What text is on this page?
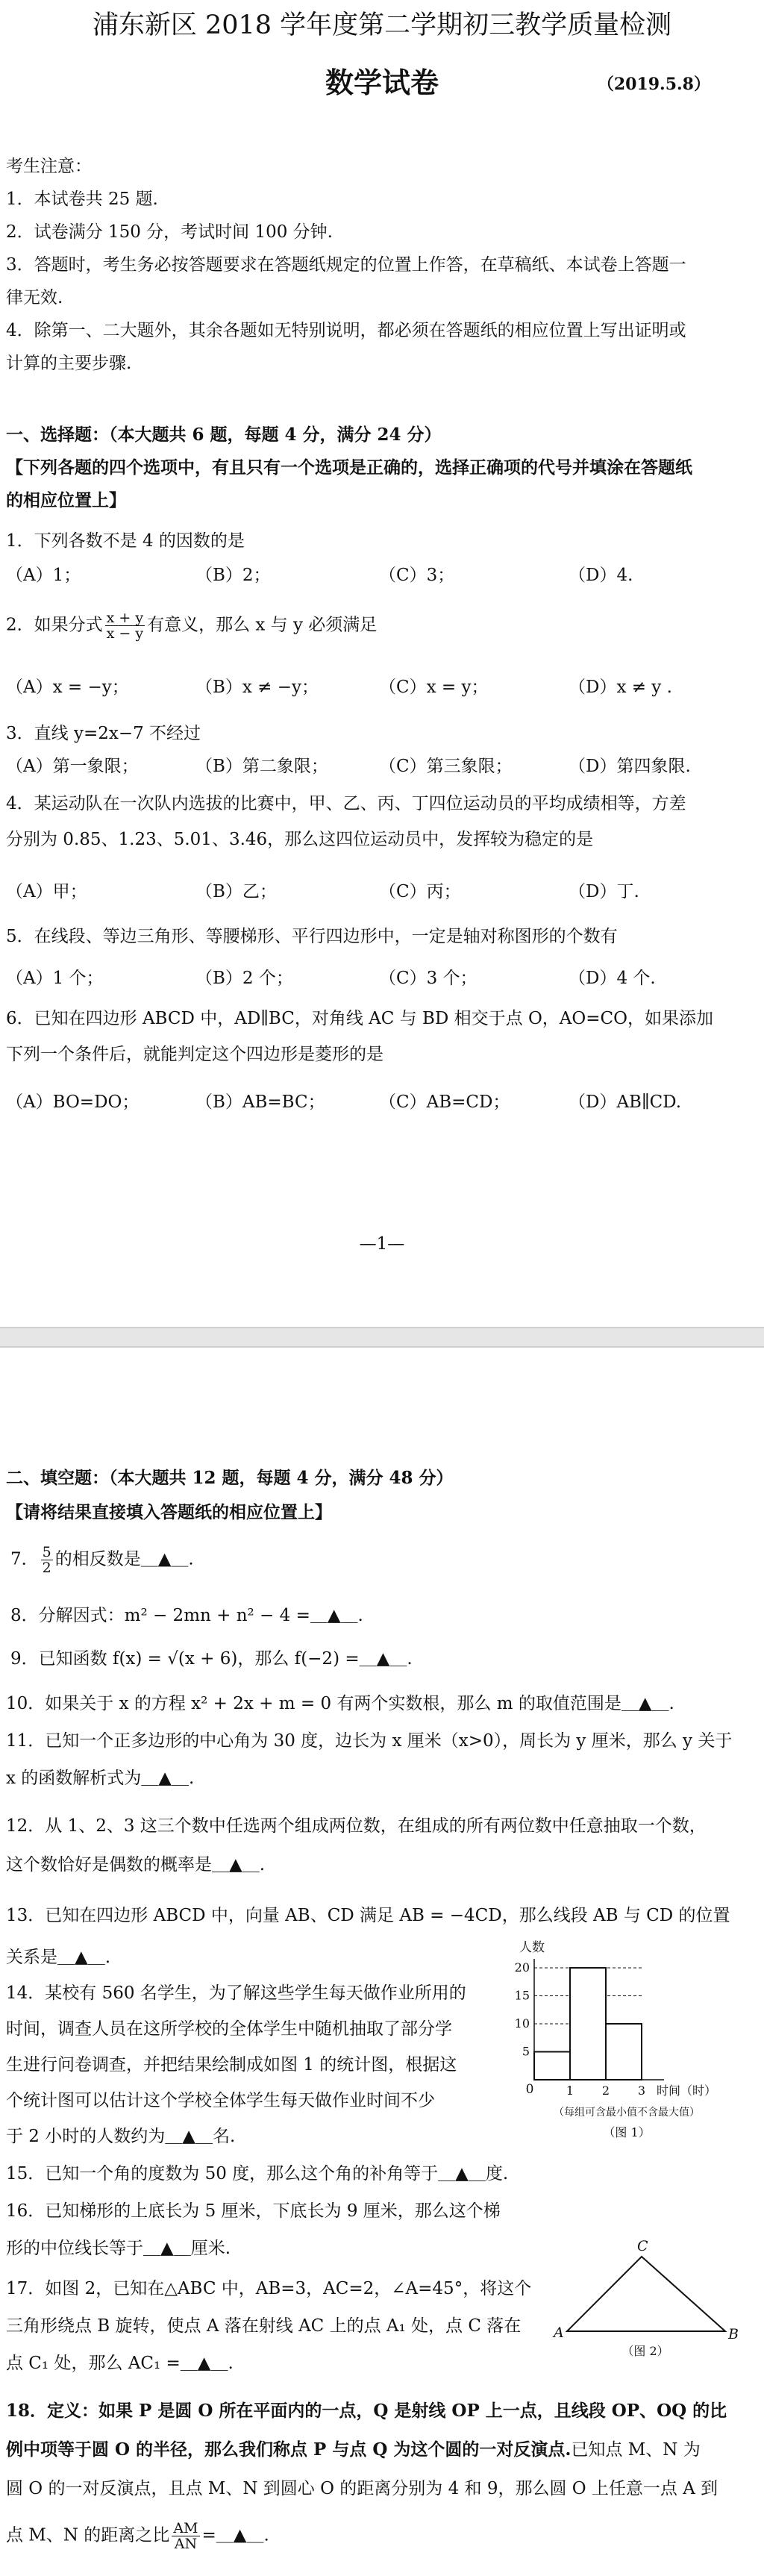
浦东新区 2018 学年度第二学期初三教学质量检测
数学试卷	（2019.5.8）
考生注意：
1．本试卷共 25 题.
2．试卷满分 150 分，考试时间 100 分钟.
3．答题时，考生务必按答题要求在答题纸规定的位置上作答，在草稿纸、本试卷上答题一
律无效.
4．除第一、二大题外，其余各题如无特别说明，都必须在答题纸的相应位置上写出证明或
计算的主要步骤.
一、选择题：（本大题共 6 题，每题 4 分，满分 24 分）
【下列各题的四个选项中，有且只有一个选项是正确的，选择正确项的代号并填涂在答题纸
的相应位置上】
1．下列各数不是 4 的因数的是
（A）1；	（B）2；	（C）3；	（D）4.
2．如果分式 $\frac{x + y}{x - y}$ 有意义，那么 x 与 y 必须满足
（A）x = −y；	（B）x ≠ −y；	（C）x = y；	（D）x ≠ y .
3．直线 y=2x−7 不经过
（A）第一象限；	（B）第二象限；	（C）第三象限；	（D）第四象限.
4．某运动队在一次队内选拔的比赛中，甲、乙、丙、丁四位运动员的平均成绩相等，方差
分别为 0.85、1.23、5.01、3.46，那么这四位运动员中，发挥较为稳定的是
（A）甲；	（B）乙；	（C）丙；	（D）丁.
5．在线段、等边三角形、等腰梯形、平行四边形中，一定是轴对称图形的个数有
（A）1 个；	（B）2 个；	（C）3 个；	（D）4 个.
6．已知在四边形 ABCD 中，AD∥BC，对角线 AC 与 BD 相交于点 O，AO=CO，如果添加
下列一个条件后，就能判定这个四边形是菱形的是
（A）BO=DO；	（B）AB=BC；	（C）AB=CD；	（D）AB∥CD.
—1—
二、填空题：（本大题共 12 题，每题 4 分，满分 48 分）
【请将结果直接填入答题纸的相应位置上】
7． $\frac{5}{2}$ 的相反数是＿▲＿.
8．分解因式：m² − 2mn + n² − 4 =＿▲＿.
9．已知函数 f(x) = √(x + 6)，那么 f(−2) =＿▲＿.
10．如果关于 x 的方程 x² + 2x + m = 0 有两个实数根，那么 m 的取值范围是＿▲＿.
11．已知一个正多边形的中心角为 30 度，边长为 x 厘米（x>0），周长为 y 厘米，那么 y 关于
x 的函数解析式为＿▲＿.
12．从 1、2、3 这三个数中任选两个组成两位数，在组成的所有两位数中任意抽取一个数，
这个数恰好是偶数的概率是＿▲＿.
13．已知在四边形 ABCD 中，向量 AB、CD 满足 AB = −4CD，那么线段 AB 与 CD 的位置
关系是＿▲＿.
14．某校有 560 名学生，为了解这些学生每天做作业所用的
时间，调查人员在这所学校的全体学生中随机抽取了部分学
生进行问卷调查，并把结果绘制成如图 1 的统计图，根据这
个统计图可以估计这个学校全体学生每天做作业时间不少
于 2 小时的人数约为＿▲＿名.
人数
0	时间（时）
（每组可含最小值不含最大值）
（图 1）
5
10
15
20
1 2 3
15．已知一个角的度数为 50 度，那么这个角的补角等于＿▲＿度.
16．已知梯形的上底长为 5 厘米，下底长为 9 厘米，那么这个梯
形的中位线长等于＿▲＿厘米.
17．如图 2，已知在△ABC 中，AB=3，AC=2，∠A=45°，将这个
三角形绕点 B 旋转，使点 A 落在射线 AC 上的点 A₁ 处，点 C 落在
点 C₁ 处，那么 AC₁ =＿▲＿.
A	B
C
（图 2）
18．定义：如果 P 是圆 O 所在平面内的一点，Q 是射线 OP 上一点，且线段 OP、OQ 的比
例中项等于圆 O 的半径，那么我们称点 P 与点 Q 为这个圆的一对反演点.已知点 M、N 为
圆 O 的一对反演点，且点 M、N 到圆心 O 的距离分别为 4 和 9，那么圆 O 上任意一点 A 到
点 M、N 的距离之比 $\frac{AM}{AN}$ =＿▲＿.
